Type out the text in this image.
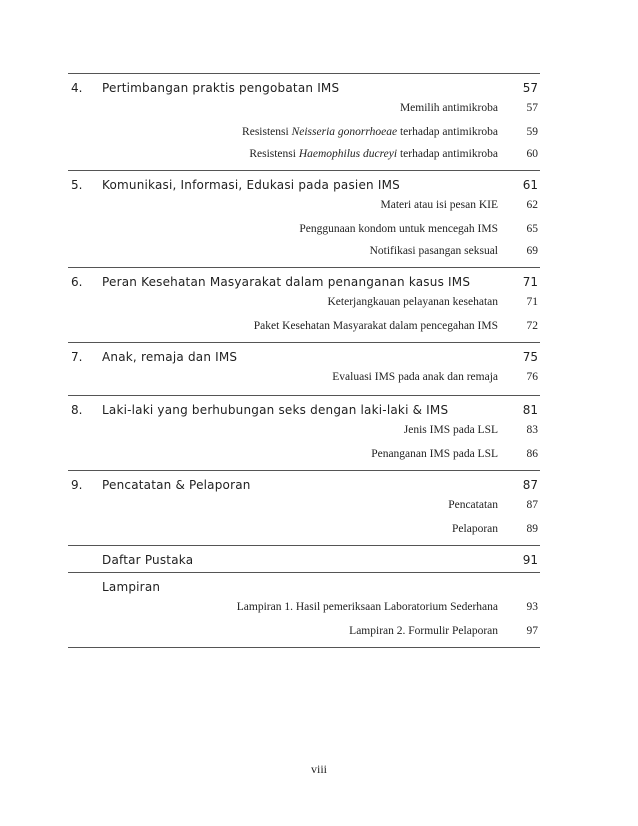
4. Pertimbangan praktis pengobatan IMS	57
Memilih antimikroba 57
Resistensi Neisseria gonorrhoeae terhadap antimikroba 59
Resistensi Haemophilus ducreyi terhadap antimikroba 60
5. Komunikasi, Informasi, Edukasi pada pasien IMS	61
Materi atau isi pesan KIE 62
Penggunaan kondom untuk mencegah IMS 65
Notifikasi pasangan seksual 69
6. Peran Kesehatan Masyarakat dalam penanganan kasus IMS	71
Keterjangkauan pelayanan kesehatan 71
Paket Kesehatan Masyarakat dalam pencegahan IMS 72
7. Anak, remaja dan IMS	75
Evaluasi IMS pada anak dan remaja 76
8. Laki-laki yang berhubungan seks dengan laki-laki & IMS	81
Jenis IMS pada LSL 83
Penanganan IMS pada LSL 86
9. Pencatatan & Pelaporan	87
Pencatatan 87
Pelaporan 89
Daftar Pustaka	91
Lampiran
Lampiran 1. Hasil pemeriksaan Laboratorium Sederhana 93
Lampiran 2. Formulir Pelaporan 97
viii
